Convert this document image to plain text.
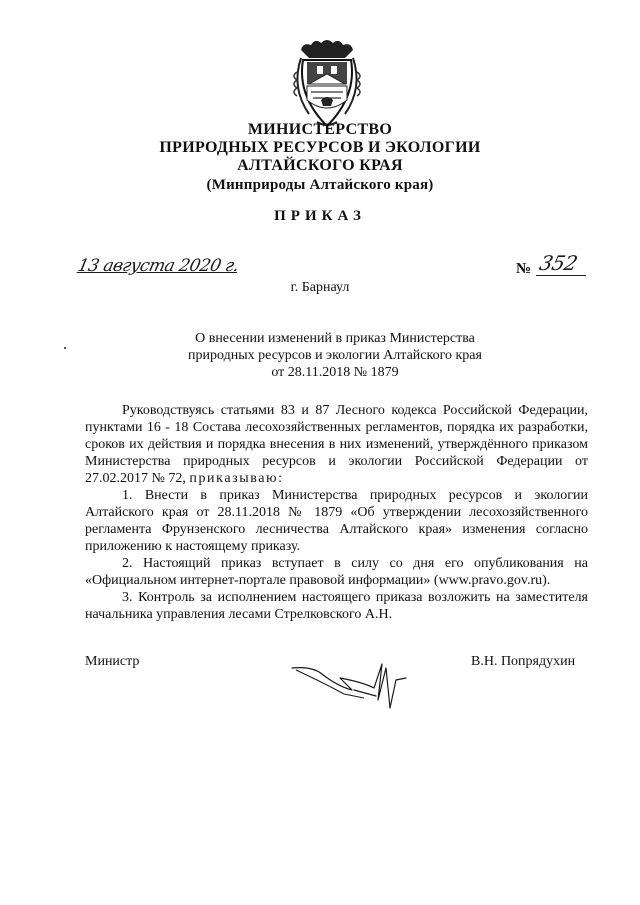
МИНИСТЕРСТВО
ПРИРОДНЫХ РЕСУРСОВ И ЭКОЛОГИИ
АЛТАЙСКОГО КРАЯ
(Минприроды Алтайского края)
ПРИКАЗ
13 августа 2020 г.	№ 352
г. Барнаул
О внесении изменений в приказ Министерства
природных ресурсов и экологии Алтайского края
от 28.11.2018 № 1879

Руководствуясь статьями 83 и 87 Лесного кодекса Российской Федерации, пунктами 16 - 18 Состава лесохозяйственных регламентов, порядка их разработки, сроков их действия и порядка внесения в них изменений, утверждённого приказом Министерства природных ресурсов и экологии Российской Федерации от 27.02.2017 № 72, приказываю:

1. Внести в приказ Министерства природных ресурсов и экологии Алтайского края от 28.11.2018 № 1879 «Об утверждении лесохозяйственного регламента Фрунзенского лесничества Алтайского края» изменения согласно приложению к настоящему приказу.

2. Настоящий приказ вступает в силу со дня его опубликования на «Официальном интернет-портале правовой информации» (www.pravo.gov.ru).

3. Контроль за исполнением настоящего приказа возложить на заместителя начальника управления лесами Стрелковского А.Н.

Министр	В.Н. Попрядухин
